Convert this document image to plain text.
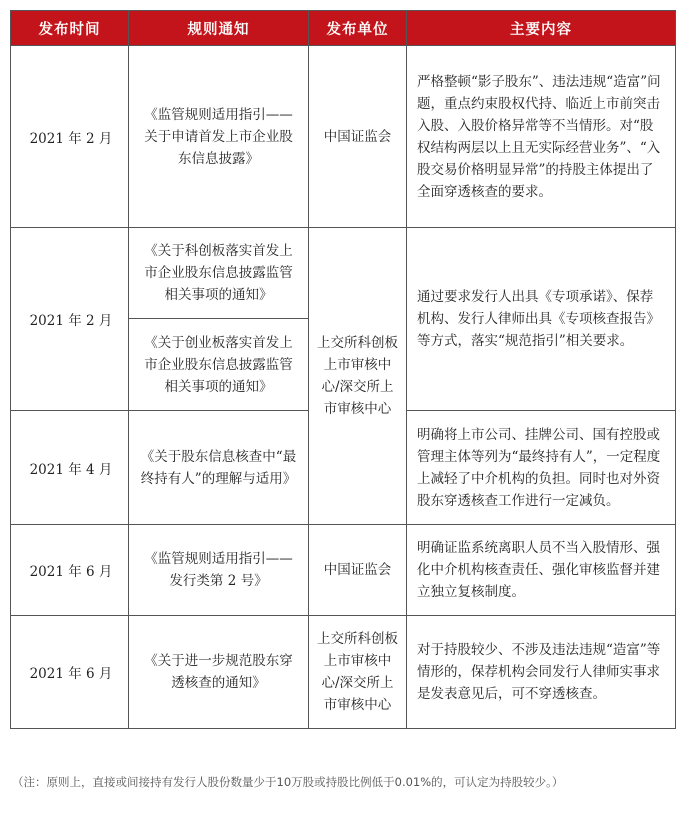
发布时间	规则通知	发布单位	主要内容
2021 年 2 月	《监管规则适用指引——关于申请首发上市企业股东信息披露》	中国证监会	严格整顿“影子股东”、违法违规“造富”问题，重点约束股权代持、临近上市前突击入股、入股价格异常等不当情形。对“股权结构两层以上且无实际经营业务”、“入股交易价格明显异常”的持股主体提出了全面穿透核查的要求。
2021 年 2 月	《关于科创板落实首发上市企业股东信息披露监管相关事项的通知》	上交所科创板上市审核中心/深交所上市审核中心	通过要求发行人出具《专项承诺》、保荐机构、发行人律师出具《专项核查报告》等方式，落实“规范指引”相关要求。
	《关于创业板落实首发上市企业股东信息披露监管相关事项的通知》		
2021 年 4 月	《关于股东信息核查中“最终持有人”的理解与适用》		明确将上市公司、挂牌公司、国有控股或管理主体等列为“最终持有人”，一定程度上减轻了中介机构的负担。同时也对外资股东穿透核查工作进行一定减负。
2021 年 6 月	《监管规则适用指引——发行类第 2 号》	中国证监会	明确证监系统离职人员不当入股情形、强化中介机构核查责任、强化审核监督并建立独立复核制度。
2021 年 6 月	《关于进一步规范股东穿透核查的通知》	上交所科创板上市审核中心/深交所上市审核中心	对于持股较少、不涉及违法违规“造富”等情形的，保荐机构会同发行人律师实事求是发表意见后，可不穿透核查。
（注：原则上，直接或间接持有发行人股份数量少于10万股或持股比例低于0.01%的，可认定为持股较少。）
